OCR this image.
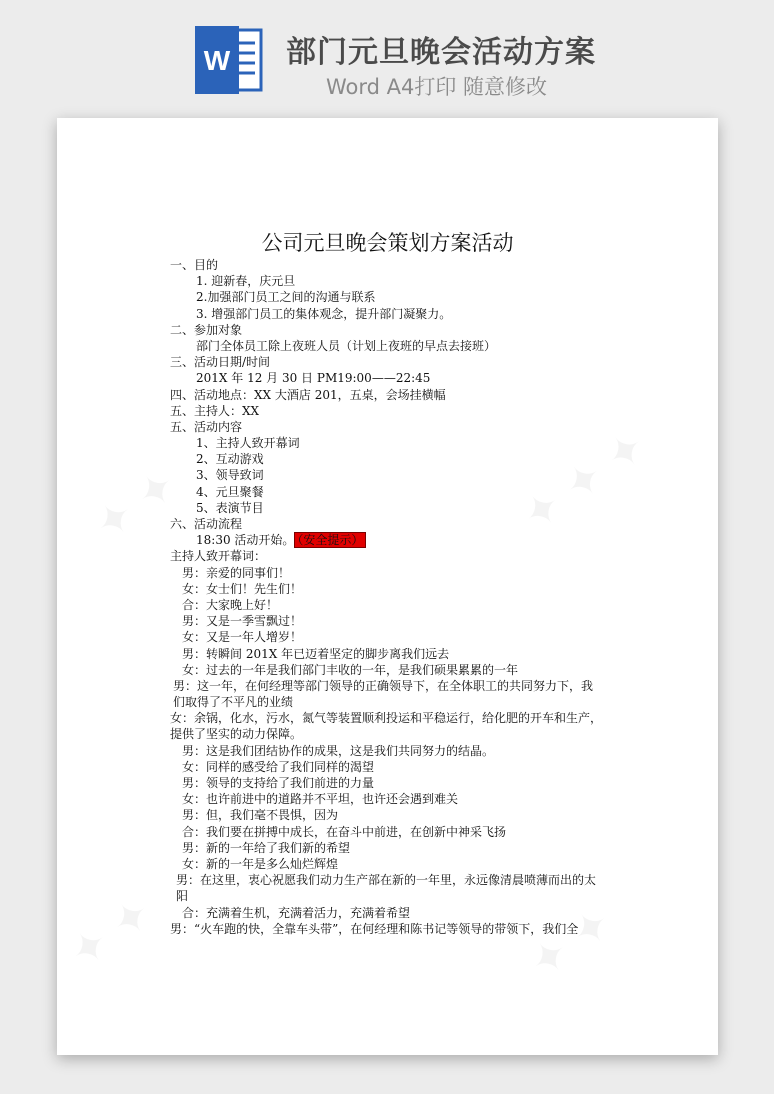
W 部门元旦晚会活动方案
Word A4打印 随意修改
公司元旦晚会策划方案活动
一、目的
1. 迎新春，庆元旦
2.加强部门员工之间的沟通与联系
3. 增强部门员工的集体观念，提升部门凝聚力。
二、参加对象
部门全体员工除上夜班人员（计划上夜班的早点去接班）
三、活动日期/时间
201X 年 12 月 30 日 PM19:00——22:45
四、活动地点：XX 大酒店 201，五桌，会场挂横幅
五、主持人：XX
五、活动内容
1、主持人致开幕词
2、互动游戏
3、领导致词
4、元旦聚餐
5、表演节目
六、活动流程
18:30 活动开始。 （安全提示）
主持人致开幕词：
男：亲爱的同事们！
女：女士们！先生们！
合：大家晚上好！
男：又是一季雪飘过！
女：又是一年人增岁！
男：转瞬间 201X 年已迈着坚定的脚步离我们远去
女：过去的一年是我们部门丰收的一年，是我们硕果累累的一年
男：这一年，在何经理等部门领导的正确领导下，在全体职工的共同努力下，我们取得了不平凡的业绩
女：余锅，化水，污水，氮气等装置顺利投运和平稳运行，给化肥的开车和生产，提供了坚实的动力保障。
男：这是我们团结协作的成果，这是我们共同努力的结晶。
女：同样的感受给了我们同样的渴望
男：领导的支持给了我们前进的力量
女：也许前进中的道路并不平坦，也许还会遇到难关
男：但，我们毫不畏惧，因为
合：我们要在拼搏中成长，在奋斗中前进，在创新中神采飞扬
男：新的一年给了我们新的希望
女：新的一年是多么灿烂辉煌
男：在这里，衷心祝愿我们动力生产部在新的一年里，永远像清晨喷薄而出的太阳
合：充满着生机，充满着活力，充满着希望
男：“火车跑的快，全靠车头带”，在何经理和陈书记等领导的带领下，我们全
